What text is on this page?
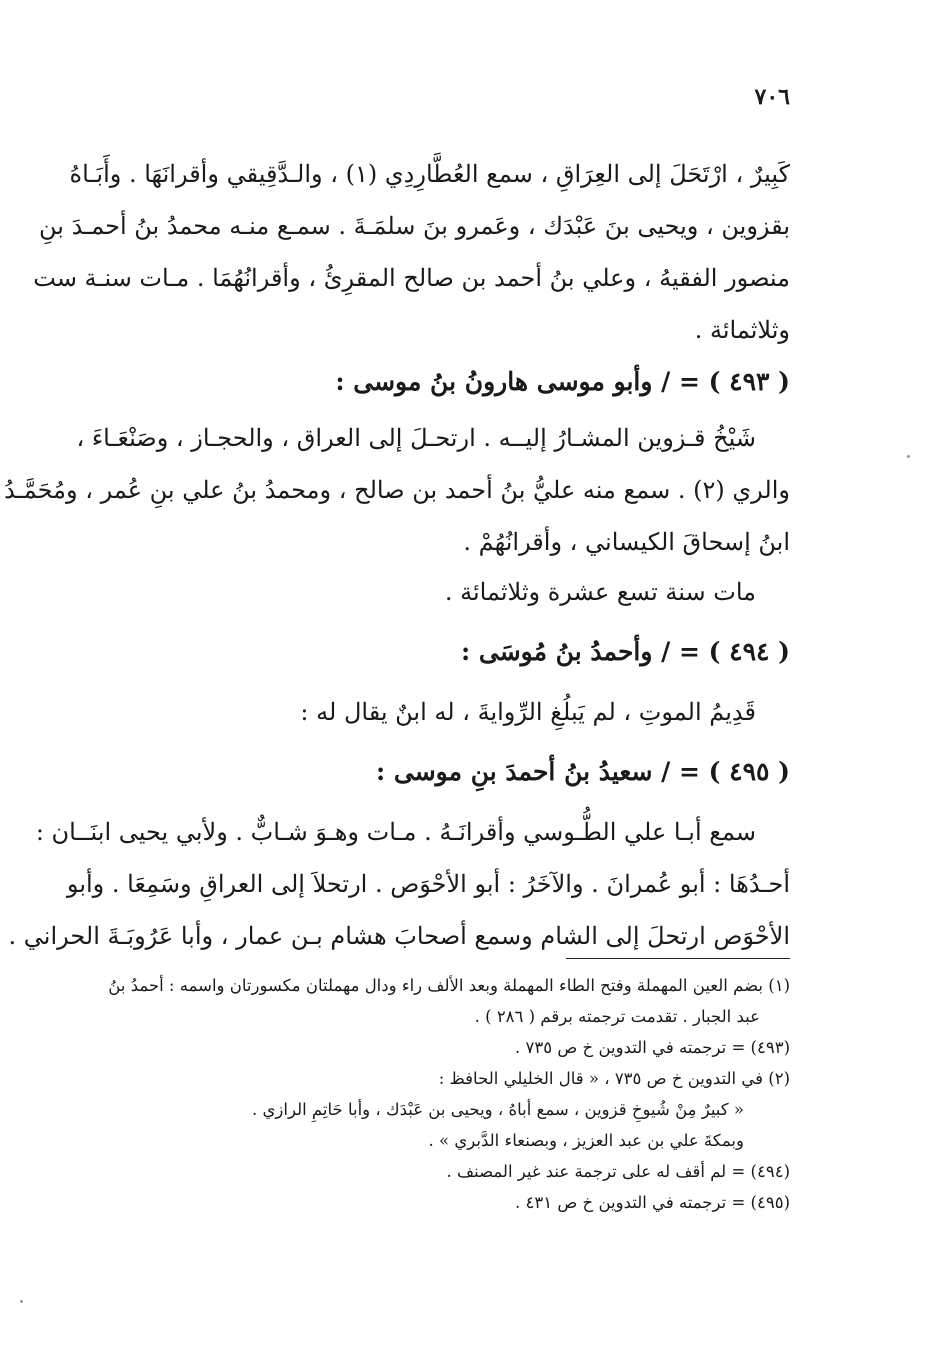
٧٠٦
كَبِيرٌ ، ارْتَحَلَ إلى العِرَاقِ ، سمع العُطَّارِدِي (١) ، والـدَّقِيقي وأقرانَهَا . وأَبَـاهُ
بقزوين ، ويحيى بنَ عَبْدَك ، وعَمرو بنَ سلمَـةَ . سمـع منـه محمدُ بنُ أحمـدَ بنِ
منصور الفقيهُ ، وعلي بنُ أحمد بن صالح المقرِئُ ، وأقرانُهُمَا . مـات سنـة ست
وثلاثمائة .
( ٤٩٣ ) = / وأبو موسى هارونُ بنُ موسى :
شَيْخُ قـزوين المشـارُ إليــه . ارتحـلَ إلى العراق ، والحجـاز ، وصَنْعَـاءَ ،
والري (٢) . سمع منه عليُّ بنُ أحمد بن صالح ، ومحمدُ بنُ علي بنِ عُمر ، ومُحَمَّـدُ
ابنُ إسحاقَ الكيساني ، وأقرانُهُمْ .
مات سنة تسع عشرة وثلاثمائة .
( ٤٩٤ ) = / وأحمدُ بنُ مُوسَى :
قَدِيمُ الموتِ ، لم يَبلُغِ الرِّوايةَ ، له ابنٌ يقال له :
( ٤٩٥ ) = / سعيدُ بنُ أحمدَ بنِ موسى :
سمع أبـا علي الطُّـوسي وأقرانَـهُ . مـات وهـوَ شـابٌّ . ولأبي يحيى ابنَــان :
أحـدُهَا : أبو عُمرانَ . والآخَرُ : أبو الأحْوَص . ارتحلاَ إلى العراقِ وسَمِعَا . وأبو
الأحْوَص ارتحلَ إلى الشام وسمع أصحابَ هشام بـن عمار ، وأبا عَرُوبَـةَ الحراني .
(١) بضم العين المهملة وفتح الطاء المهملة وبعد الألف راء ودال مهملتان مكسورتان واسمه : أحمدُ بنُ
عبد الجبار . تقدمت ترجمته برقم ( ٢٨٦ ) .
(٤٩٣) = ترجمته في التدوين خ ص ٧٣٥ .
(٢) في التدوين خ ص ٧٣٥ ، « قال الخليلي الحافظ :
« كبيرٌ مِنْ شُيوخِ قزوين ، سمع أباهُ ، ويحيى بن عَبْدَك ، وأبا حَاتِمِ الرازي .
وبمكةَ علي بن عبد العزيز ، وبصنعاء الدَّبري » .
(٤٩٤) = لم أقف له على ترجمة عند غير المصنف .
(٤٩٥) = ترجمته في التدوين خ ص ٤٣١ .
